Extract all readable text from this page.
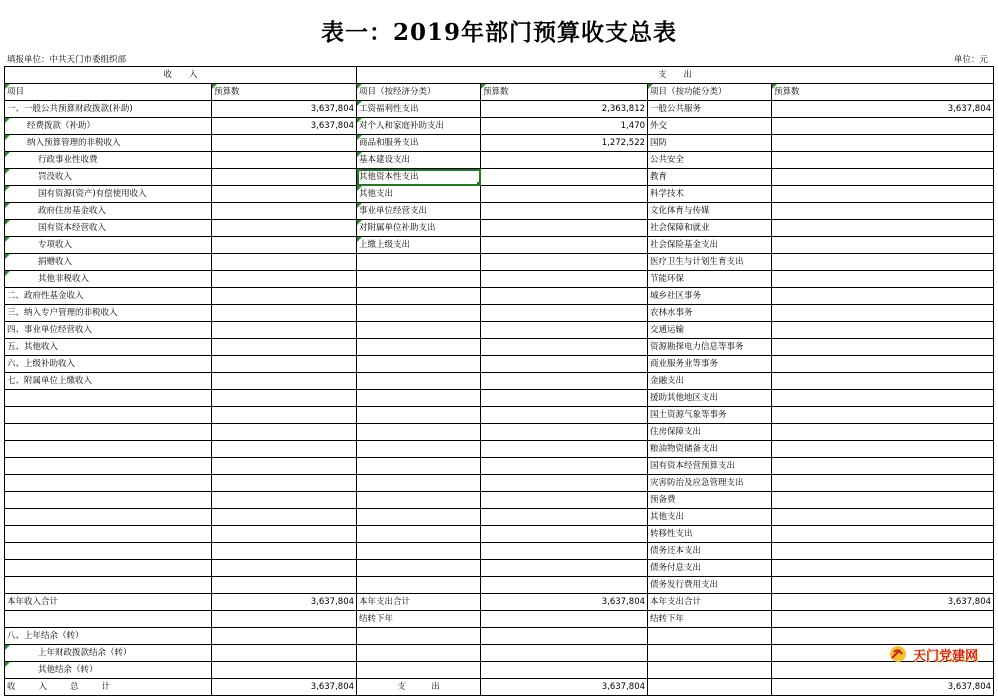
表一：2019年部门预算收支总表
填报单位：中共天门市委组织部	单位：元
收　　入		支　　出			
项目	预算数	项目（按经济分类）	预算数	项目（按功能分类）	预算数
一、一般公共预算财政拨款(补助)	3,637,804	工资福利性支出	2,363,812	一般公共服务	3,637,804
经费拨款（补助）	3,637,804	对个人和家庭补助支出	1,470	外交	
纳入预算管理的非税收入		商品和服务支出	1,272,522	国防	
行政事业性收费		基本建设支出		公共安全	
罚没收入		其他资本性支出		教育	
国有资源(资产)有偿使用收入		其他支出		科学技术	
政府住房基金收入		事业单位经营支出		文化体育与传媒	
国有资本经营收入		对附属单位补助支出		社会保障和就业	
专项收入		上缴上级支出		社会保险基金支出	
捐赠收入				医疗卫生与计划生育支出	
其他非税收入				节能环保	
二、政府性基金收入				城乡社区事务	
三、纳入专户管理的非税收入				农林水事务	
四、事业单位经营收入				交通运输	
五、其他收入				资源勘探电力信息等事务	
六、上级补助收入				商业服务业等事务	
七、附属单位上缴收入				金融支出	
				援助其他地区支出	
				国土资源气象等事务	
				住房保障支出	
				粮油物资储备支出	
				国有资本经营预算支出	
				灾害防治及应急管理支出	
				预备费	
				其他支出	
				转移性支出	
				债务还本支出	
				债务付息支出	
				债务发行费用支出	
本年收入合计	3,637,804	本年支出合计	3,637,804	本年支出合计	3,637,804
		结转下年		结转下年	
八、上年结余（转）					
上年财政拨款结余（转）					
其他结余（转）					
收　　入　　总　　计	3,637,804	支　　　出	3,637,804		3,637,804
天门党建网
